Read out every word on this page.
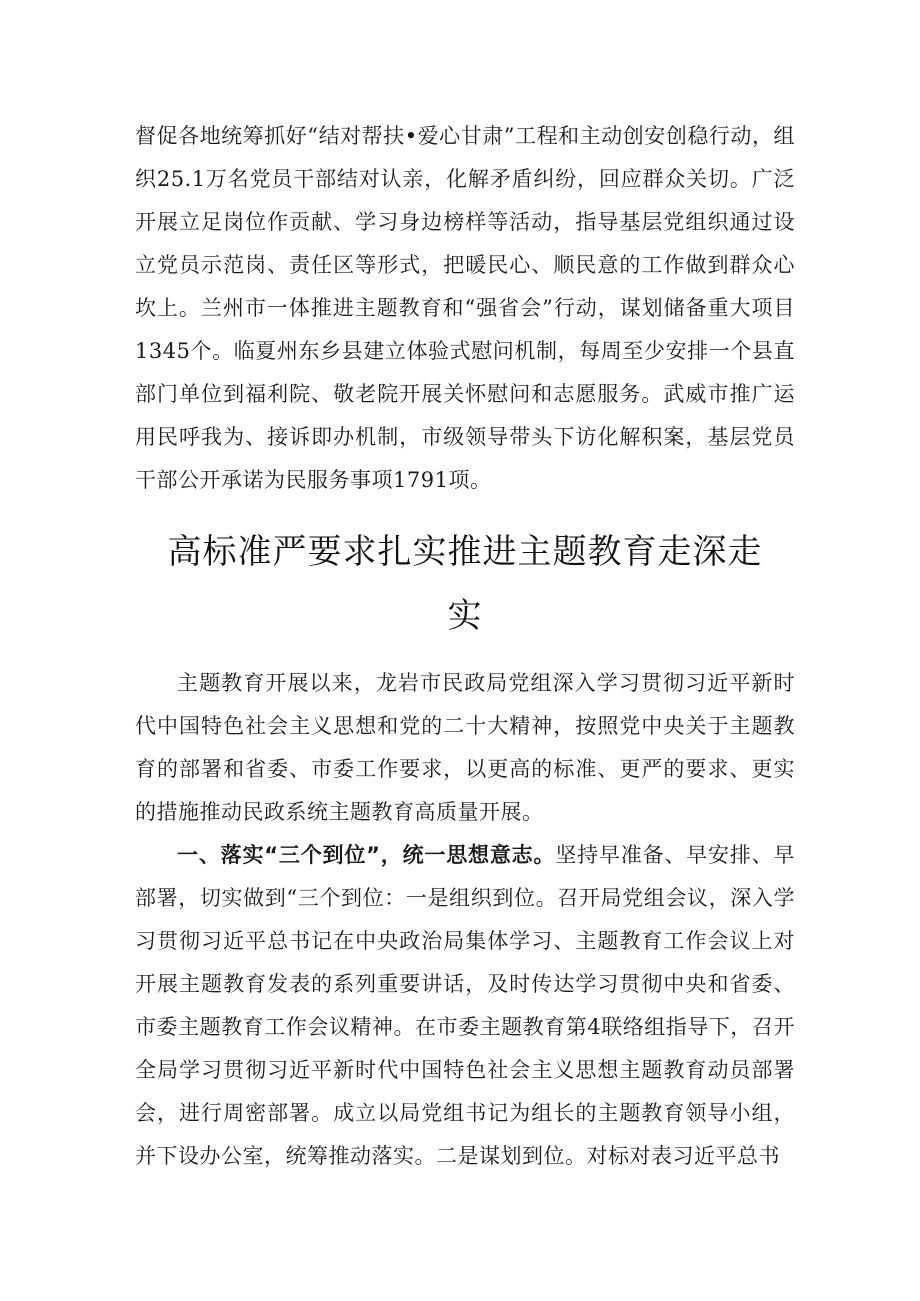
督促各地统筹抓好“结对帮扶•爱心甘肃”工程和主动创安创稳行动，组织25.1万名党员干部结对认亲，化解矛盾纠纷，回应群众关切。广泛开展立足岗位作贡献、学习身边榜样等活动，指导基层党组织通过设立党员示范岗、责任区等形式，把暖民心、顺民意的工作做到群众心坎上。兰州市一体推进主题教育和“强省会”行动，谋划储备重大项目1345个。临夏州东乡县建立体验式慰问机制，每周至少安排一个县直部门单位到福利院、敬老院开展关怀慰问和志愿服务。武威市推广运用民呼我为、接诉即办机制，市级领导带头下访化解积案，基层党员干部公开承诺为民服务事项1791项。

高标准严要求扎实推进主题教育走深走
实

主题教育开展以来，龙岩市民政局党组深入学习贯彻习近平新时代中国特色社会主义思想和党的二十大精神，按照党中央关于主题教育的部署和省委、市委工作要求，以更高的标准、更严的要求、更实的措施推动民政系统主题教育高质量开展。

一、落实“三个到位”，统一思想意志。坚持早准备、早安排、早部署，切实做到“三个到位：一是组织到位。召开局党组会议，深入学习贯彻习近平总书记在中央政治局集体学习、主题教育工作会议上对开展主题教育发表的系列重要讲话，及时传达学习贯彻中央和省委、市委主题教育工作会议精神。在市委主题教育第4联络组指导下，召开全局学习贯彻习近平新时代中国特色社会主义思想主题教育动员部署会，进行周密部署。成立以局党组书记为组长的主题教育领导小组，并下设办公室，统筹推动落实。二是谋划到位。对标对表习近平总书
